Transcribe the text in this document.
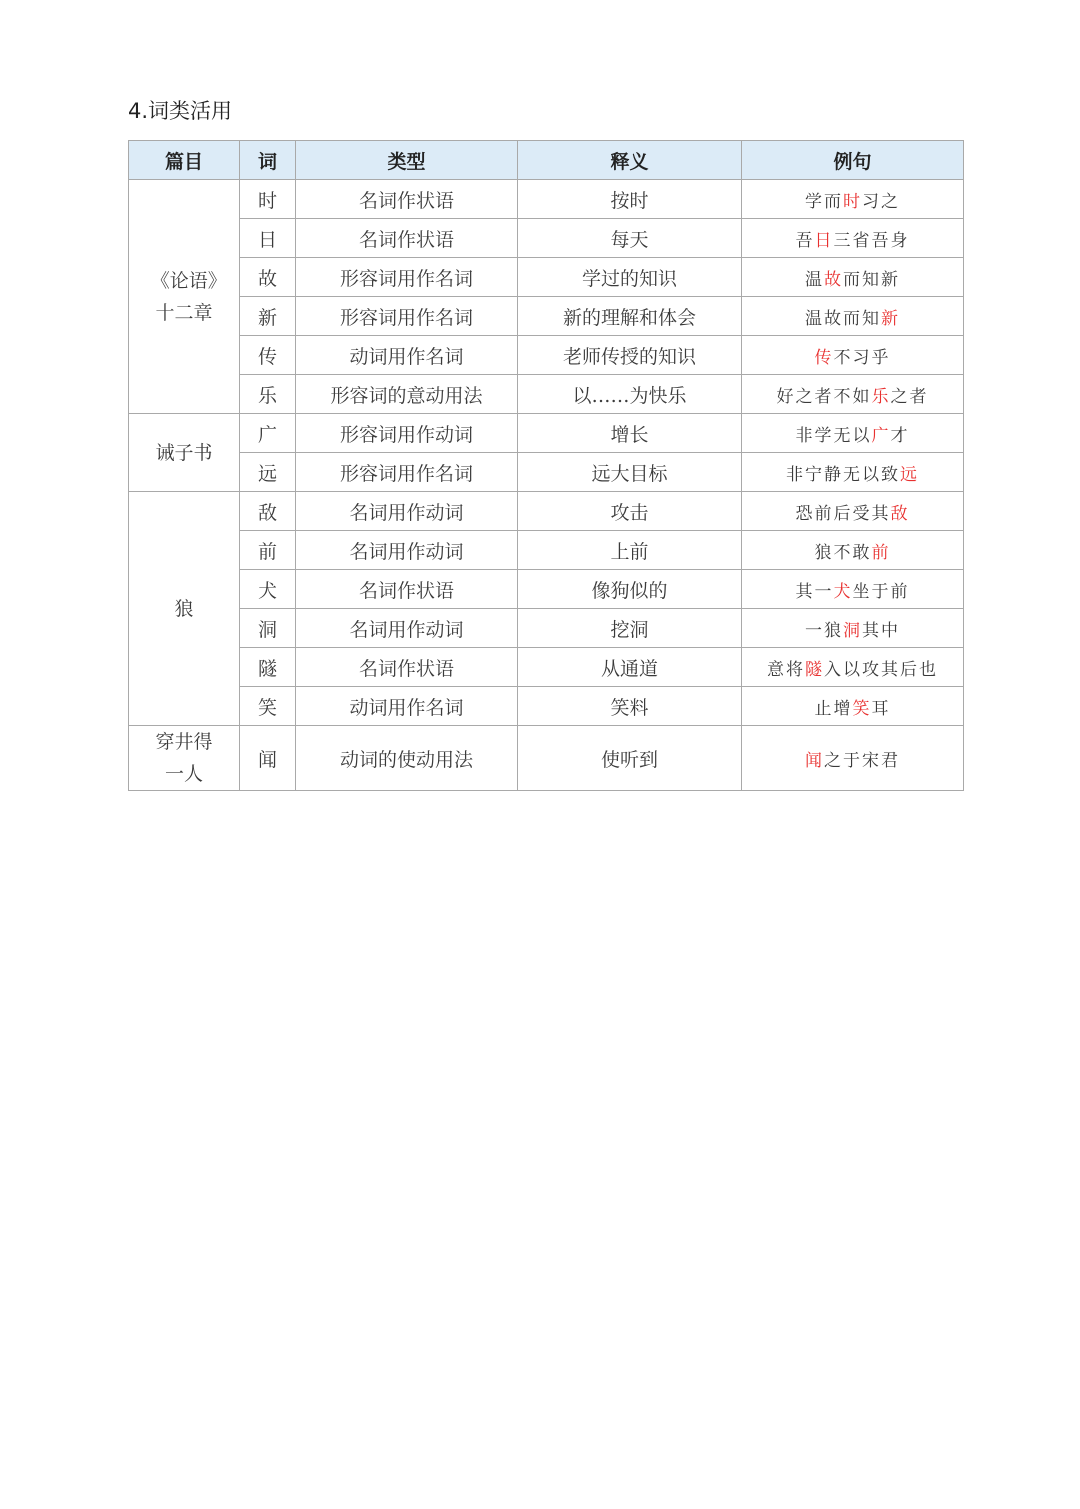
4.词类活用
篇目	词	类型	释义	例句
《论语》十二章	时	名词作状语	按时	学而时习之
	日	名词作状语	每天	吾日三省吾身
	故	形容词用作名词	学过的知识	温故而知新
	新	形容词用作名词	新的理解和体会	温故而知新
	传	动词用作名词	老师传授的知识	传不习乎
	乐	形容词的意动用法	以……为快乐	好之者不如乐之者
诫子书	广	形容词用作动词	增长	非学无以广才
	远	形容词用作名词	远大目标	非宁静无以致远
狼	敌	名词用作动词	攻击	恐前后受其敌
	前	名词用作动词	上前	狼不敢前
	犬	名词作状语	像狗似的	其一犬坐于前
	洞	名词用作动词	挖洞	一狼洞其中
	隧	名词作状语	从通道	意将隧入以攻其后也
	笑	动词用作名词	笑料	止增笑耳
穿井得一人	闻	动词的使动用法	使听到	闻之于宋君
